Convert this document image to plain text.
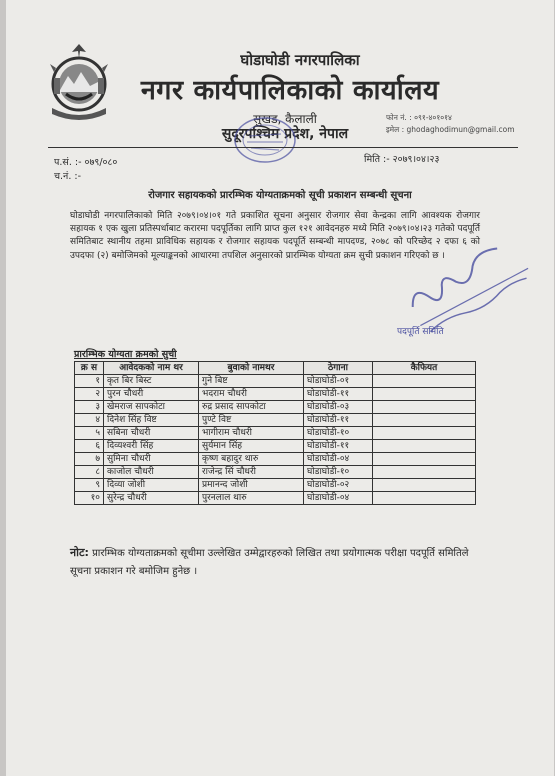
घोडाघोडी नगरपालिका
नगर कार्यपालिकाको कार्यालय
सुखड, कैलाली
सुदूरपश्चिम प्रदेश, नेपाल
फोन नं. : ०९१-४०१०१४
इमेल : ghodaghodimun@gmail.com
प.सं. :- ०७९/०८०
च.नं. :-
मिति :- २०७९।०४।२३
रोजगार सहायकको प्रारम्भिक योग्यताक्रमको सूची प्रकाशन सम्बन्धी सूचना
घोडाघोडी नगरपालिकाको मिति २०७९।०४।०१ गते प्रकाशित सूचना अनुसार रोजगार सेवा केन्द्रका लागि आवश्यक रोजगार सहायक १ एक खुला प्रतिस्पर्धाबाट करारमा पदपूर्तिका लागि प्राप्त कुल १२१ आवेदनहरु मध्ये मिति २०७९।०४।२३ गतेको पदपूर्ति समितिबाट स्थानीय तहमा प्राविधिक सहायक र रोजगार सहायक पदपूर्ति सम्बन्धी मापदण्ड, २०७८ को परिच्छेद २ दफा ६ को उपदफा (२) बमोजिमको मूल्याङ्कनको आधारमा तपशिल अनुसारको प्रारम्भिक योग्यता क्रम सुची प्रकाशन गरिएको छ ।
पदपूर्ति समिति
प्रारम्भिक योग्यता क्रमको सुची
क्र स	आवेदकको नाम थर	बुवाको नामथर	ठेगाना	कैफियत
१	कृत बिर बिस्ट	गुने बिष्ट	घोडाघोडी-०१	
२	पुरन चौधरी	भदराम चौधरी	घोडाघोडी-११	
३	खेमराज सापकोटा	रुद्र प्रसाद सापकोटा	घोडाघोडी-०३	
४	दिनेश सिंह विष्ट	पुण्टे विष्ट	घोडाघोडी-११	
५	सबिना चौधरी	भागीराम चौधरी	घोडाघोडी-१०	
६	दिव्यश्वरी सिंह	सुर्यमान सिंह	घोडाघोडी-११	
७	सुमिना चौधरी	कृष्ण बहादुर थारु	घोडाघोडी-०४	
८	काजोल चौधरी	राजेन्द्र सिं चौधरी	घोडाघोडी-१०	
९	दिव्या जोशी	प्रमानन्द जोशी	घोडाघोडी-०२	
१०	सुरेन्द्र चौधरी	पुरनलाल थारु	घोडाघोडी-०४	
नोट: प्रारम्भिक योग्यताक्रमको सूचीमा उल्लेखित उम्मेद्वारहरुको लिखित तथा प्रयोगात्मक परीक्षा पदपूर्ति समितिले सूचना प्रकाशन गरे बमोजिम हुनेछ ।
